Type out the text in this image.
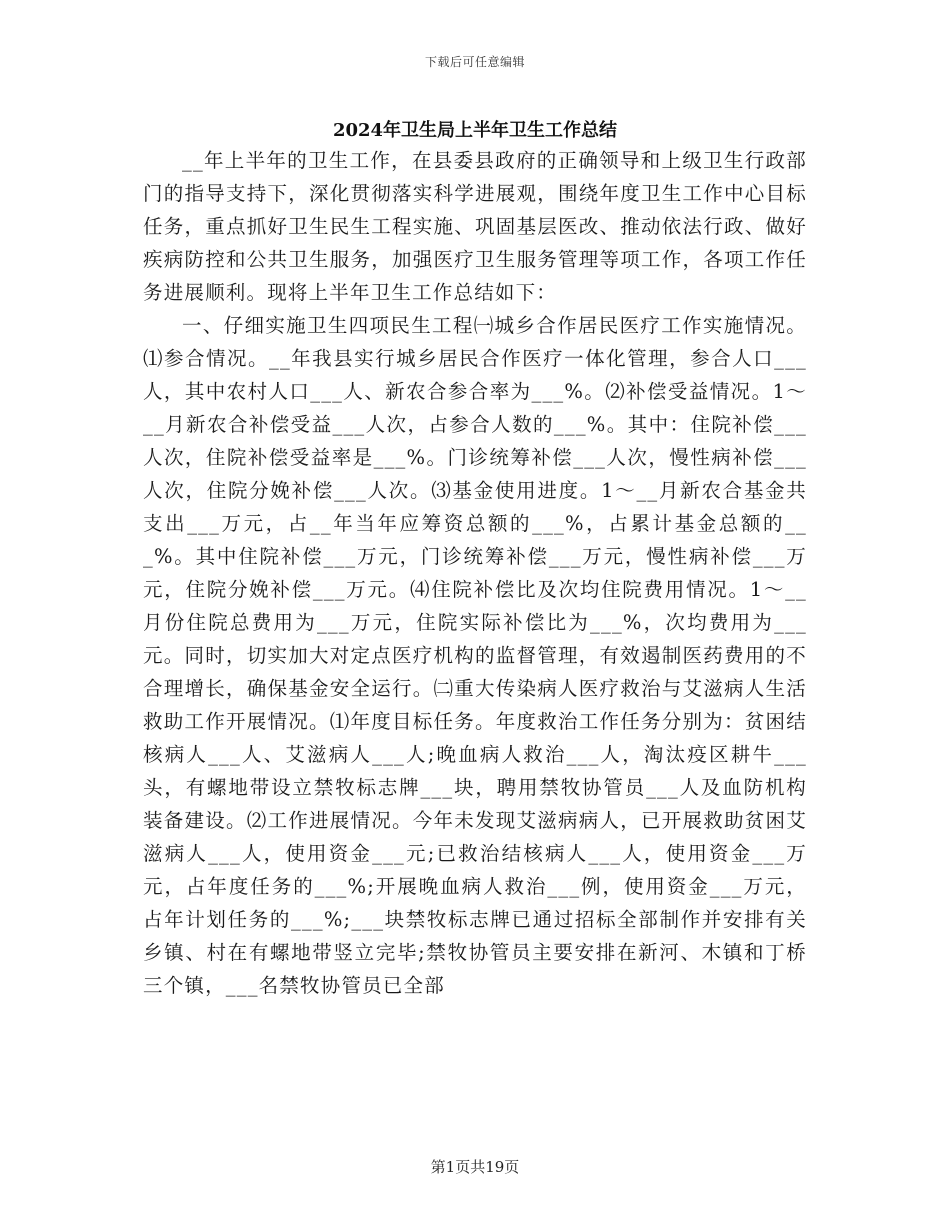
下载后可任意编辑
2024年卫生局上半年卫生工作总结

__年上半年的卫生工作，在县委县政府的正确领导和上级卫生行政部门的指导支持下，深化贯彻落实科学进展观，围绕年度卫生工作中心目标任务，重点抓好卫生民生工程实施、巩固基层医改、推动依法行政、做好疾病防控和公共卫生服务，加强医疗卫生服务管理等项工作，各项工作任务进展顺利。现将上半年卫生工作总结如下：

一、仔细实施卫生四项民生工程㈠城乡合作居民医疗工作实施情况。⑴参合情况。__年我县实行城乡居民合作医疗一体化管理，参合人口___人，其中农村人口___人、新农合参合率为___%。⑵补偿受益情况。1～__月新农合补偿受益___人次，占参合人数的___%。其中：住院补偿___人次，住院补偿受益率是___%。门诊统筹补偿___人次，慢性病补偿___人次，住院分娩补偿___人次。⑶基金使用进度。1～__月新农合基金共支出___万元，占__年当年应筹资总额的___%，占累计基金总额的___%。其中住院补偿___万元，门诊统筹补偿___万元，慢性病补偿___万元，住院分娩补偿___万元。⑷住院补偿比及次均住院费用情况。1～__月份住院总费用为___万元，住院实际补偿比为___%，次均费用为___元。同时，切实加大对定点医疗机构的监督管理，有效遏制医药费用的不合理增长，确保基金安全运行。㈡重大传染病人医疗救治与艾滋病人生活救助工作开展情况。⑴年度目标任务。年度救治工作任务分别为：贫困结核病人___人、艾滋病人___人;晚血病人救治___人，淘汰疫区耕牛___头，有螺地带设立禁牧标志牌___块，聘用禁牧协管员___人及血防机构装备建设。⑵工作进展情况。今年未发现艾滋病病人，已开展救助贫困艾滋病人___人，使用资金___元;已救治结核病人___人，使用资金___万元，占年度任务的___%;开展晚血病人救治___例，使用资金___万元，占年计划任务的___%;___块禁牧标志牌已通过招标全部制作并安排有关乡镇、村在有螺地带竖立完毕;禁牧协管员主要安排在新河、木镇和丁桥三个镇，___名禁牧协管员已全部

第1页共19页
